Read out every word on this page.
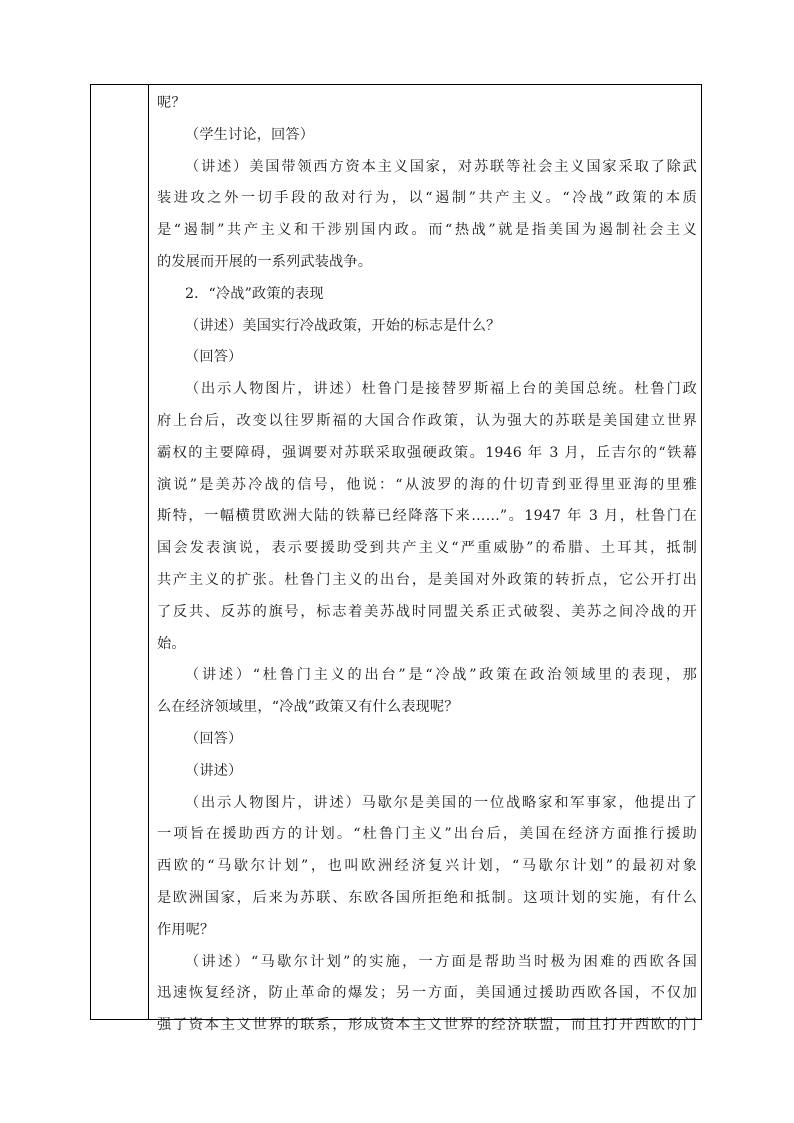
呢？
（学生讨论，回答）
（讲述）美国带领西方资本主义国家，对苏联等社会主义国家采取了除武
装进攻之外一切手段的敌对行为，以“遏制”共产主义。“冷战”政策的本质
是“遏制”共产主义和干涉别国内政。而“热战”就是指美国为遏制社会主义
的发展而开展的一系列武装战争。
2．“冷战”政策的表现
（讲述）美国实行冷战政策，开始的标志是什么？
（回答）
（出示人物图片，讲述）杜鲁门是接替罗斯福上台的美国总统。杜鲁门政
府上台后，改变以往罗斯福的大国合作政策，认为强大的苏联是美国建立世界
霸权的主要障碍，强调要对苏联采取强硬政策。1946 年 3 月，丘吉尔的“铁幕
演说”是美苏冷战的信号，他说：“从波罗的海的什切青到亚得里亚海的里雅
斯特，一幅横贯欧洲大陆的铁幕已经降落下来……”。1947 年 3 月，杜鲁门在
国会发表演说，表示要援助受到共产主义“严重威胁”的希腊、土耳其，抵制
共产主义的扩张。杜鲁门主义的出台，是美国对外政策的转折点，它公开打出
了反共、反苏的旗号，标志着美苏战时同盟关系正式破裂、美苏之间冷战的开
始。
（讲述）“杜鲁门主义的出台”是“冷战”政策在政治领域里的表现，那
么在经济领域里，“冷战”政策又有什么表现呢？
（回答）
（讲述）
（出示人物图片，讲述）马歇尔是美国的一位战略家和军事家，他提出了
一项旨在援助西方的计划。“杜鲁门主义”出台后，美国在经济方面推行援助
西欧的“马歇尔计划”，也叫欧洲经济复兴计划，“马歇尔计划”的最初对象
是欧洲国家，后来为苏联、东欧各国所拒绝和抵制。这项计划的实施，有什么
作用呢？
（讲述）“马歇尔计划”的实施，一方面是帮助当时极为困难的西欧各国
迅速恢复经济，防止革命的爆发；另一方面，美国通过援助西欧各国，不仅加
强了资本主义世界的联系，形成资本主义世界的经济联盟，而且打开西欧的门
